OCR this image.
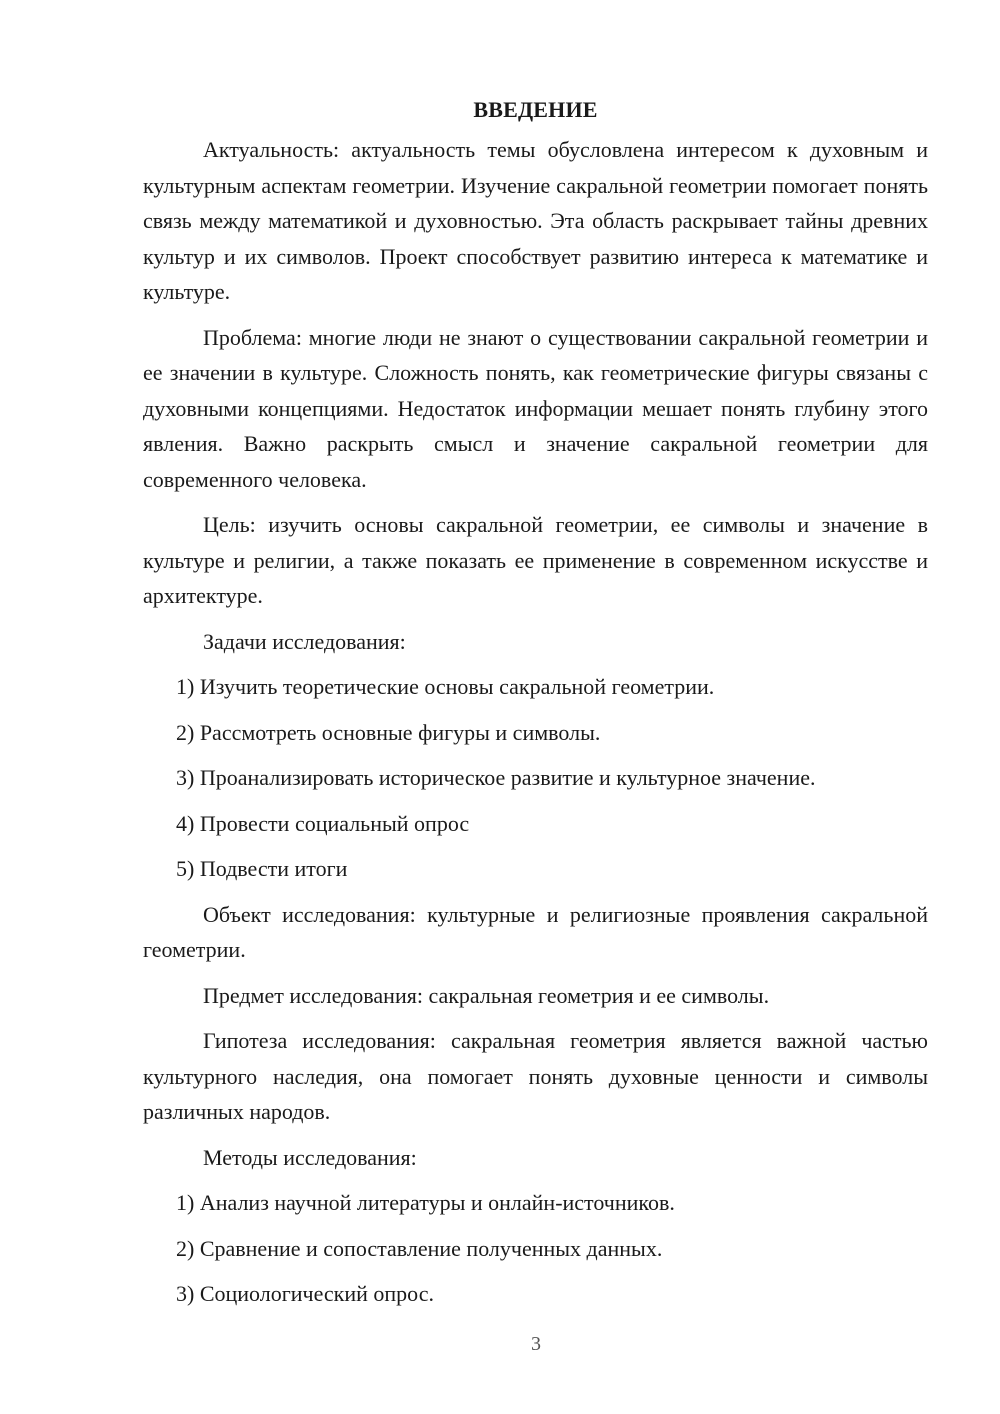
ВВЕДЕНИЕ

Актуальность: актуальность темы обусловлена интересом к духовным и культурным аспектам геометрии. Изучение сакральной геометрии помогает понять связь между математикой и духовностью. Эта область раскрывает тайны древних культур и их символов. Проект способствует развитию интереса к математике и культуре.

Проблема: многие люди не знают о существовании сакральной геометрии и ее значении в культуре. Сложность понять, как геометрические фигуры связаны с духовными концепциями. Недостаток информации мешает понять глубину этого явления. Важно раскрыть смысл и значение сакральной геометрии для современного человека.

Цель: изучить основы сакральной геометрии, ее символы и значение в культуре и религии, а также показать ее применение в современном искусстве и архитектуре.

Задачи исследования:

1) Изучить теоретические основы сакральной геометрии.
2) Рассмотреть основные фигуры и символы.
3) Проанализировать историческое развитие и культурное значение.
4) Провести социальный опрос
5) Подвести итоги

Объект исследования: культурные и религиозные проявления сакральной геометрии.

Предмет исследования: сакральная геометрия и ее символы.

Гипотеза исследования: сакральная геометрия является важной частью культурного наследия, она помогает понять духовные ценности и символы различных народов.

Методы исследования:

1) Анализ научной литературы и онлайн-источников.
2) Сравнение и сопоставление полученных данных.
3) Социологический опрос.
3
